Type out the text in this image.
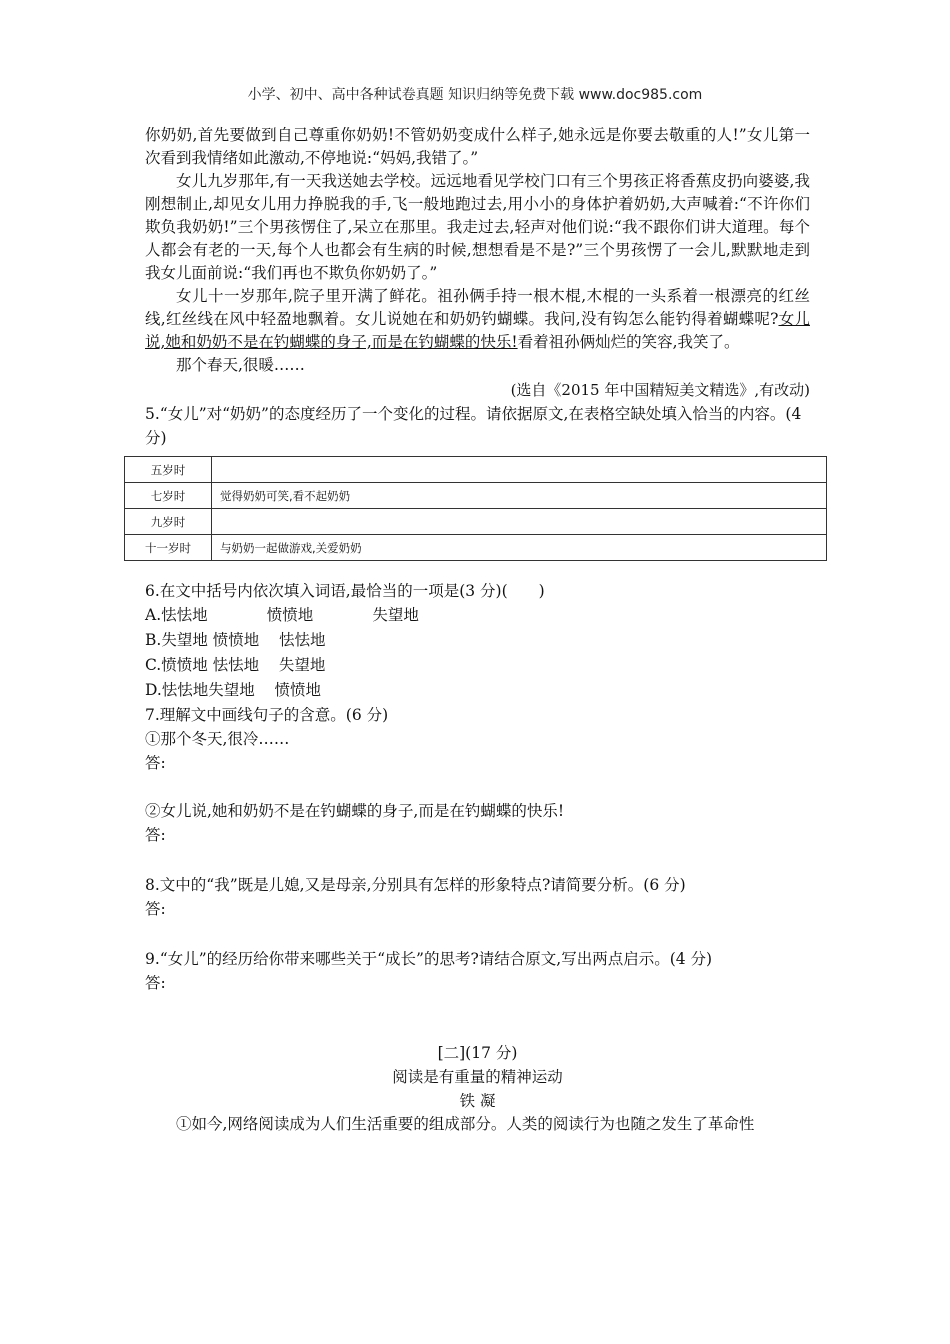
小学、初中、高中各种试卷真题 知识归纳等免费下载 www.doc985.com

你奶奶,首先要做到自己尊重你奶奶!不管奶奶变成什么样子,她永远是你要去敬重的人!”女儿第一次看到我情绪如此激动,不停地说:“妈妈,我错了。”

女儿九岁那年,有一天我送她去学校。远远地看见学校门口有三个男孩正将香蕉皮扔向婆婆,我刚想制止,却见女儿用力挣脱我的手,飞一般地跑过去,用小小的身体护着奶奶,大声喊着:“不许你们欺负我奶奶!”三个男孩愣住了,呆立在那里。我走过去,轻声对他们说:“我不跟你们讲大道理。每个人都会有老的一天,每个人也都会有生病的时候,想想看是不是?”三个男孩愣了一会儿,默默地走到我女儿面前说:“我们再也不欺负你奶奶了。”

女儿十一岁那年,院子里开满了鲜花。祖孙俩手持一根木棍,木棍的一头系着一根漂亮的红丝线,红丝线在风中轻盈地飘着。女儿说她在和奶奶钓蝴蝶。我问,没有钩怎么能钓得着蝴蝶呢?女儿说,她和奶奶不是在钓蝴蝶的身子,而是在钓蝴蝶的快乐!看着祖孙俩灿烂的笑容,我笑了。

那个春天,很暖……

(选自《2015 年中国精短美文精选》,有改动)

5.“女儿”对“奶奶”的态度经历了一个变化的过程。请依据原文,在表格空缺处填入恰当的内容。(4 分)

五岁时	
七岁时	觉得奶奶可笑,看不起奶奶
九岁时	
十一岁时	与奶奶一起做游戏,关爱奶奶

6.在文中括号内依次填入词语,最恰当的一项是(3 分)(　　)

A.怯怯地            愤愤地            失望地

B.失望地 愤愤地    怯怯地

C.愤愤地 怯怯地    失望地

D.怯怯地失望地    愤愤地

7.理解文中画线句子的含意。(6 分)

①那个冬天,很冷……

答:

②女儿说,她和奶奶不是在钓蝴蝶的身子,而是在钓蝴蝶的快乐!

答:

8.文中的“我”既是儿媳,又是母亲,分别具有怎样的形象特点?请简要分析。(6 分)

答:

9.“女儿”的经历给你带来哪些关于“成长”的思考?请结合原文,写出两点启示。(4 分)

答:

[二](17 分)

阅读是有重量的精神运动

铁 凝

①如今,网络阅读成为人们生活重要的组成部分。人类的阅读行为也随之发生了革命性
